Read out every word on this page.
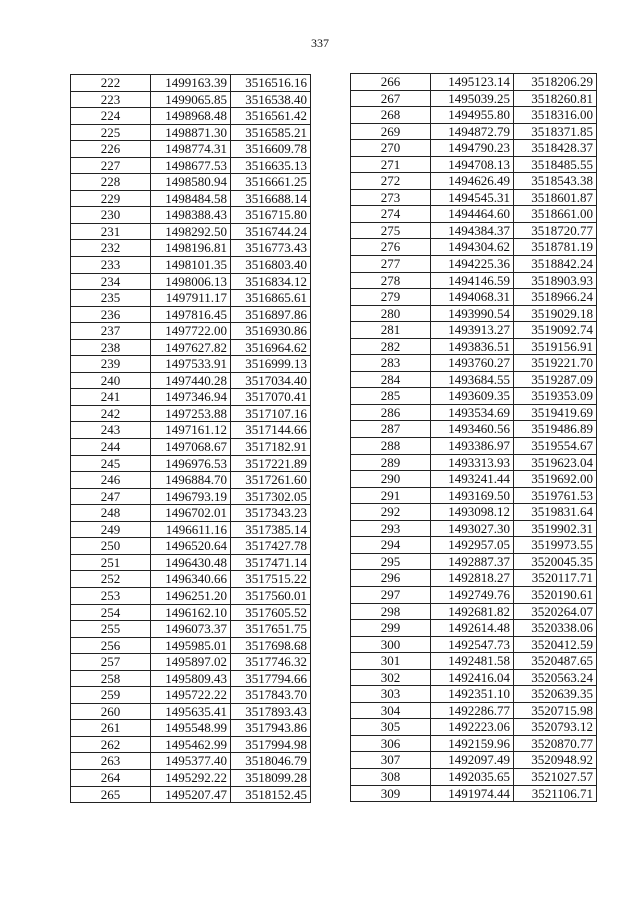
337
222	1499163.39	3516516.16
223	1499065.85	3516538.40
224	1498968.48	3516561.42
225	1498871.30	3516585.21
226	1498774.31	3516609.78
227	1498677.53	3516635.13
228	1498580.94	3516661.25
229	1498484.58	3516688.14
230	1498388.43	3516715.80
231	1498292.50	3516744.24
232	1498196.81	3516773.43
233	1498101.35	3516803.40
234	1498006.13	3516834.12
235	1497911.17	3516865.61
236	1497816.45	3516897.86
237	1497722.00	3516930.86
238	1497627.82	3516964.62
239	1497533.91	3516999.13
240	1497440.28	3517034.40
241	1497346.94	3517070.41
242	1497253.88	3517107.16
243	1497161.12	3517144.66
244	1497068.67	3517182.91
245	1496976.53	3517221.89
246	1496884.70	3517261.60
247	1496793.19	3517302.05
248	1496702.01	3517343.23
249	1496611.16	3517385.14
250	1496520.64	3517427.78
251	1496430.48	3517471.14
252	1496340.66	3517515.22
253	1496251.20	3517560.01
254	1496162.10	3517605.52
255	1496073.37	3517651.75
256	1495985.01	3517698.68
257	1495897.02	3517746.32
258	1495809.43	3517794.66
259	1495722.22	3517843.70
260	1495635.41	3517893.43
261	1495548.99	3517943.86
262	1495462.99	3517994.98
263	1495377.40	3518046.79
264	1495292.22	3518099.28
265	1495207.47	3518152.45
266	1495123.14	3518206.29
267	1495039.25	3518260.81
268	1494955.80	3518316.00
269	1494872.79	3518371.85
270	1494790.23	3518428.37
271	1494708.13	3518485.55
272	1494626.49	3518543.38
273	1494545.31	3518601.87
274	1494464.60	3518661.00
275	1494384.37	3518720.77
276	1494304.62	3518781.19
277	1494225.36	3518842.24
278	1494146.59	3518903.93
279	1494068.31	3518966.24
280	1493990.54	3519029.18
281	1493913.27	3519092.74
282	1493836.51	3519156.91
283	1493760.27	3519221.70
284	1493684.55	3519287.09
285	1493609.35	3519353.09
286	1493534.69	3519419.69
287	1493460.56	3519486.89
288	1493386.97	3519554.67
289	1493313.93	3519623.04
290	1493241.44	3519692.00
291	1493169.50	3519761.53
292	1493098.12	3519831.64
293	1493027.30	3519902.31
294	1492957.05	3519973.55
295	1492887.37	3520045.35
296	1492818.27	3520117.71
297	1492749.76	3520190.61
298	1492681.82	3520264.07
299	1492614.48	3520338.06
300	1492547.73	3520412.59
301	1492481.58	3520487.65
302	1492416.04	3520563.24
303	1492351.10	3520639.35
304	1492286.77	3520715.98
305	1492223.06	3520793.12
306	1492159.96	3520870.77
307	1492097.49	3520948.92
308	1492035.65	3521027.57
309	1491974.44	3521106.71
